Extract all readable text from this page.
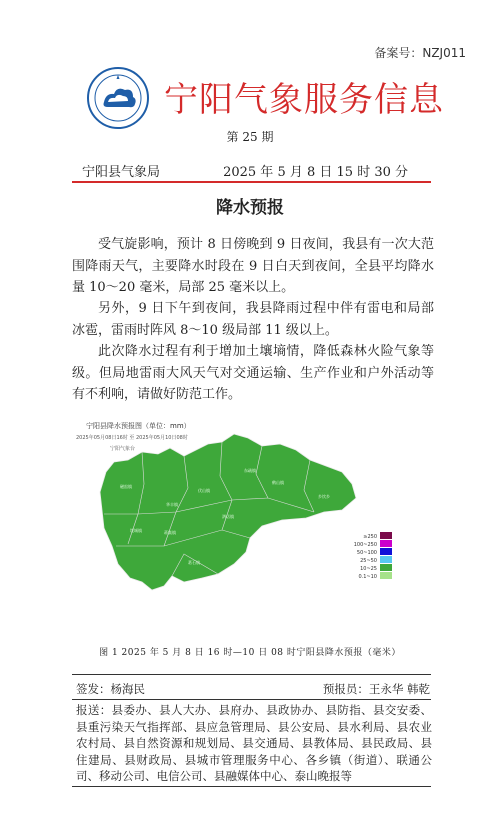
备案号：NZJ011
宁阳气象服务信息
第 25 期
宁阳县气象局	2025 年 5 月 8 日 15 时 30 分
降水预报

受气旋影响，预计 8 日傍晚到 9 日夜间，我县有一次大范围降雨天气，主要降水时段在 9 日白天到夜间，全县平均降水量 10～20 毫米，局部 25 毫米以上。

另外，9 日下午到夜间，我县降雨过程中伴有雷电和局部冰雹，雷雨时阵风 8～10 级局部 11 级以上。

此次降水过程有利于增加土壤墒情，降低森林火险气象等级。但局地雷雨大风天气对交通运输、生产作业和户外活动等有不利响，请做好防范工作。

宁阳县降水预报图（单位：mm）
2025年05月08日16时 至 2025年05月10日08时
宁阳气象台
磁窑镇
华丰镇
伏山镇
东疏镇
鹤山镇
乡饮乡
堽城镇	蒋集镇
泗店镇
葛石镇
≥250
100~250
50~100
25~50
10~25
0.1~10
图 1 2025 年 5 月 8 日 16 时—10 日 08 时宁阳县降水预报（毫米）
签发：杨海民	预报员：王永华 韩乾

报送：县委办、县人大办、县府办、县政协办、县防指、县交安委、县重污染天气指挥部、县应急管理局、县公安局、县水利局、县农业农村局、县自然资源和规划局、县交通局、县教体局、县民政局、县住建局、县财政局、县城市管理服务中心、各乡镇（街道）、联通公司、移动公司、电信公司、县融媒体中心、泰山晚报等
